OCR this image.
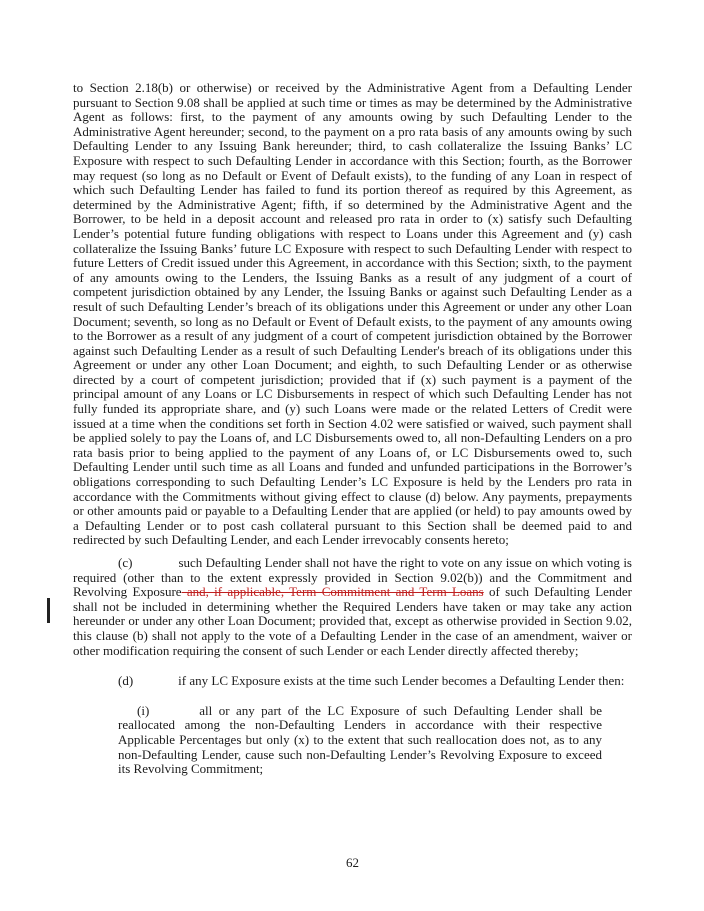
to Section 2.18(b) or otherwise) or received by the Administrative Agent from a Defaulting Lender pursuant to Section 9.08 shall be applied at such time or times as may be determined by the Administrative Agent as follows: first, to the payment of any amounts owing by such Defaulting Lender to the Administrative Agent hereunder; second, to the payment on a pro rata basis of any amounts owing by such Defaulting Lender to any Issuing Bank hereunder; third, to cash collateralize the Issuing Banks’ LC Exposure with respect to such Defaulting Lender in accordance with this Section; fourth, as the Borrower may request (so long as no Default or Event of Default exists), to the funding of any Loan in respect of which such Defaulting Lender has failed to fund its portion thereof as required by this Agreement, as determined by the Administrative Agent; fifth, if so determined by the Administrative Agent and the Borrower, to be held in a deposit account and released pro rata in order to (x) satisfy such Defaulting Lender’s potential future funding obligations with respect to Loans under this Agreement and (y) cash collateralize the Issuing Banks’ future LC Exposure with respect to such Defaulting Lender with respect to future Letters of Credit issued under this Agreement, in accordance with this Section; sixth, to the payment of any amounts owing to the Lenders, the Issuing Banks as a result of any judgment of a court of competent jurisdiction obtained by any Lender, the Issuing Banks or against such Defaulting Lender as a result of such Defaulting Lender’s breach of its obligations under this Agreement or under any other Loan Document; seventh, so long as no Default or Event of Default exists, to the payment of any amounts owing to the Borrower as a result of any judgment of a court of competent jurisdiction obtained by the Borrower against such Defaulting Lender as a result of such Defaulting Lender's breach of its obligations under this Agreement or under any other Loan Document; and eighth, to such Defaulting Lender or as otherwise directed by a court of competent jurisdiction; provided that if (x) such payment is a payment of the principal amount of any Loans or LC Disbursements in respect of which such Defaulting Lender has not fully funded its appropriate share, and (y) such Loans were made or the related Letters of Credit were issued at a time when the conditions set forth in Section 4.02 were satisfied or waived, such payment shall be applied solely to pay the Loans of, and LC Disbursements owed to, all non-Defaulting Lenders on a pro rata basis prior to being applied to the payment of any Loans of, or LC Disbursements owed to, such Defaulting Lender until such time as all Loans and funded and unfunded participations in the Borrower’s obligations corresponding to such Defaulting Lender’s LC Exposure is held by the Lenders pro rata in accordance with the Commitments without giving effect to clause (d) below. Any payments, prepayments or other amounts paid or payable to a Defaulting Lender that are applied (or held) to pay amounts owed by a Defaulting Lender or to post cash collateral pursuant to this Section shall be deemed paid to and redirected by such Defaulting Lender, and each Lender irrevocably consents hereto;

(c)	such Defaulting Lender shall not have the right to vote on any issue on which voting is required (other than to the extent expressly provided in Section 9.02(b)) and the Commitment and Revolving Exposure and, if applicable, Term Commitment and Term Loans of such Defaulting Lender shall not be included in determining whether the Required Lenders have taken or may take any action hereunder or under any other Loan Document; provided that, except as otherwise provided in Section 9.02, this clause (b) shall not apply to the vote of a Defaulting Lender in the case of an amendment, waiver or other modification requiring the consent of such Lender or each Lender directly affected thereby;

(d)	if any LC Exposure exists at the time such Lender becomes a Defaulting Lender then:

(i)	all or any part of the LC Exposure of such Defaulting Lender shall be reallocated among the non-Defaulting Lenders in accordance with their respective Applicable Percentages but only (x) to the extent that such reallocation does not, as to any non-Defaulting Lender, cause such non-Defaulting Lender’s Revolving Exposure to exceed its Revolving Commitment;

62
